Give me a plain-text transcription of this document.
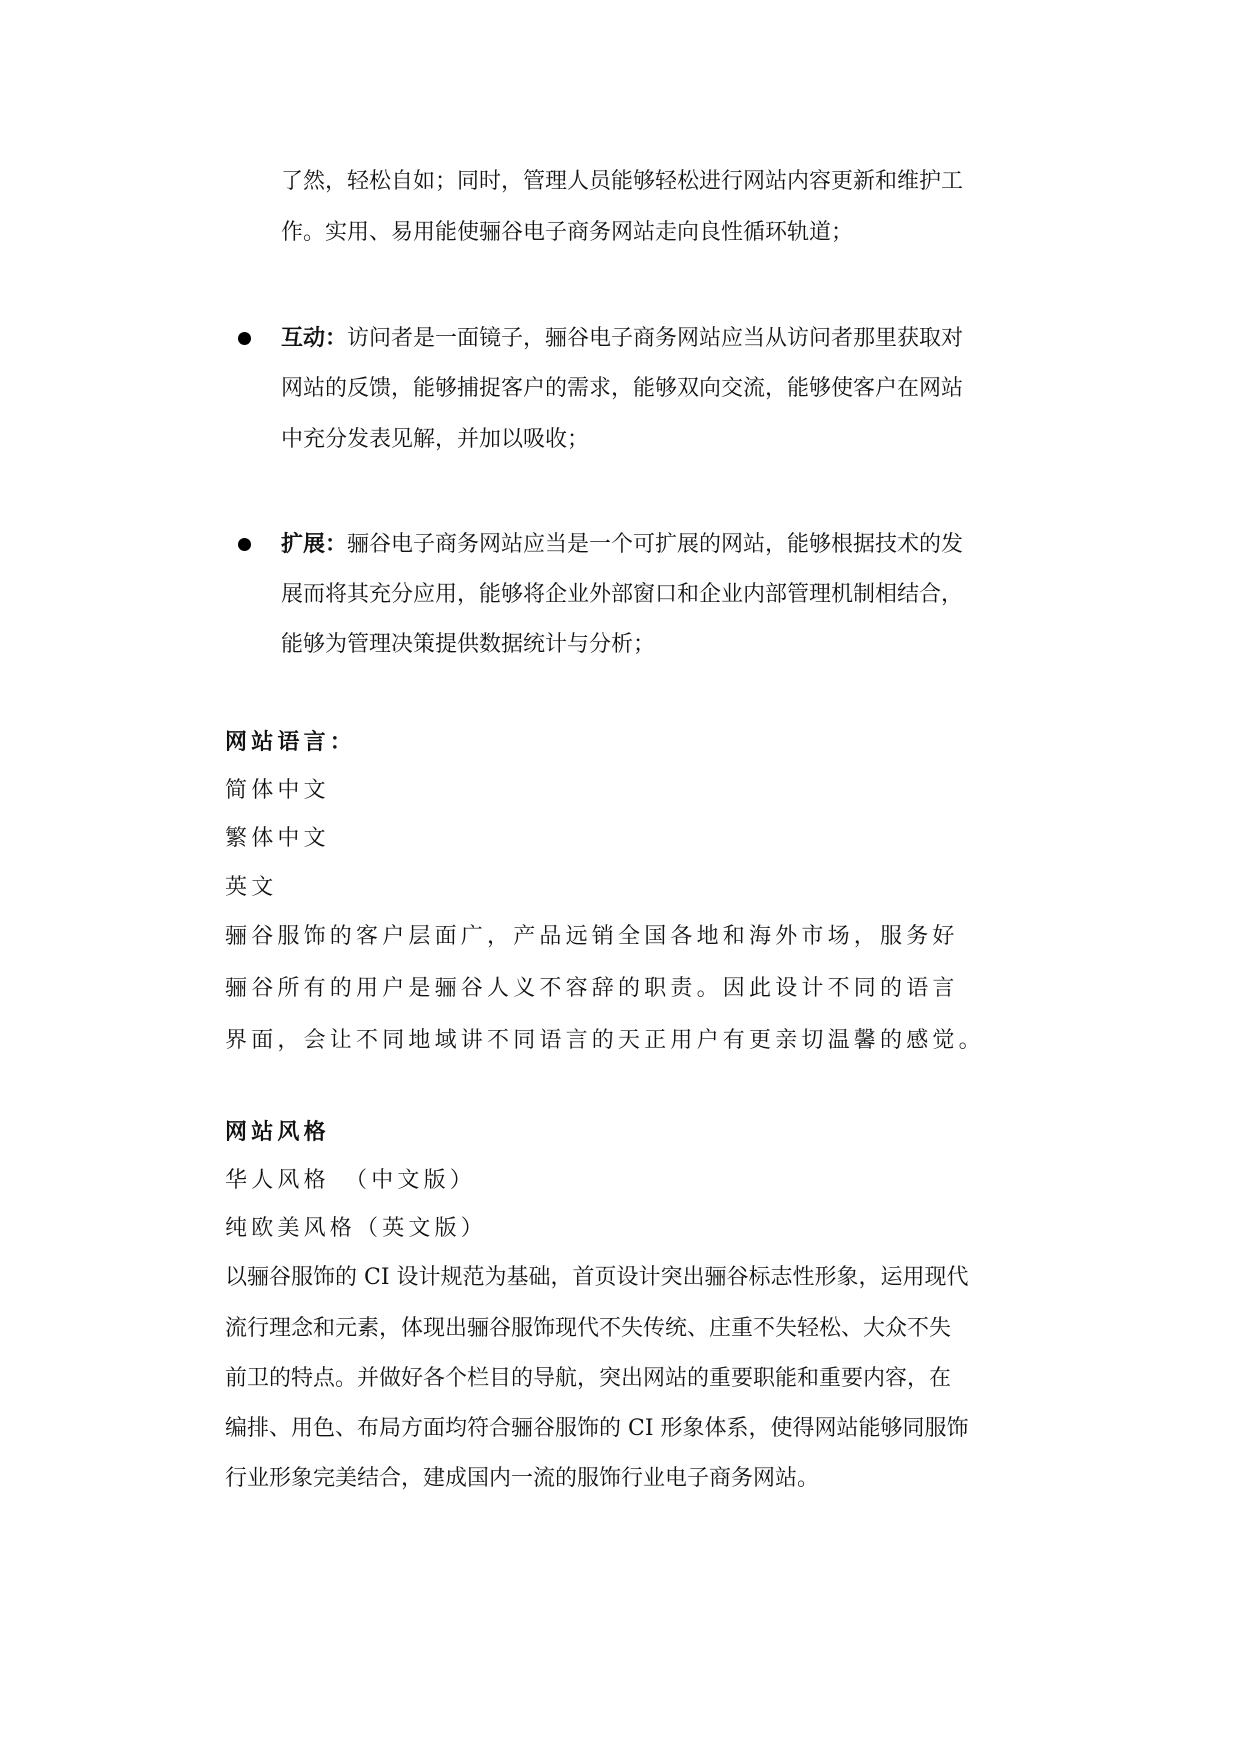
了然，轻松自如；同时，管理人员能够轻松进行网站内容更新和维护工
作。实用、易用能使骊谷电子商务网站走向良性循环轨道；
互动：访问者是一面镜子，骊谷电子商务网站应当从访问者那里获取对
网站的反馈，能够捕捉客户的需求，能够双向交流，能够使客户在网站
中充分发表见解，并加以吸收；
扩展：骊谷电子商务网站应当是一个可扩展的网站，能够根据技术的发
展而将其充分应用，能够将企业外部窗口和企业内部管理机制相结合，
能够为管理决策提供数据统计与分析；
网站语言：
简体中文
繁体中文
英文
骊谷服饰的客户层面广，产品远销全国各地和海外市场，服务好
骊谷所有的用户是骊谷人义不容辞的职责。因此设计不同的语言
界面，会让不同地域讲不同语言的天正用户有更亲切温馨的感觉。
网站风格
华人风格　（中文版）
纯欧美风格（英文版）
以骊谷服饰的 CI 设计规范为基础，首页设计突出骊谷标志性形象，运用现代
流行理念和元素，体现出骊谷服饰现代不失传统、庄重不失轻松、大众不失
前卫的特点。并做好各个栏目的导航，突出网站的重要职能和重要内容，在
编排、用色、布局方面均符合骊谷服饰的 CI 形象体系，使得网站能够同服饰
行业形象完美结合，建成国内一流的服饰行业电子商务网站。
